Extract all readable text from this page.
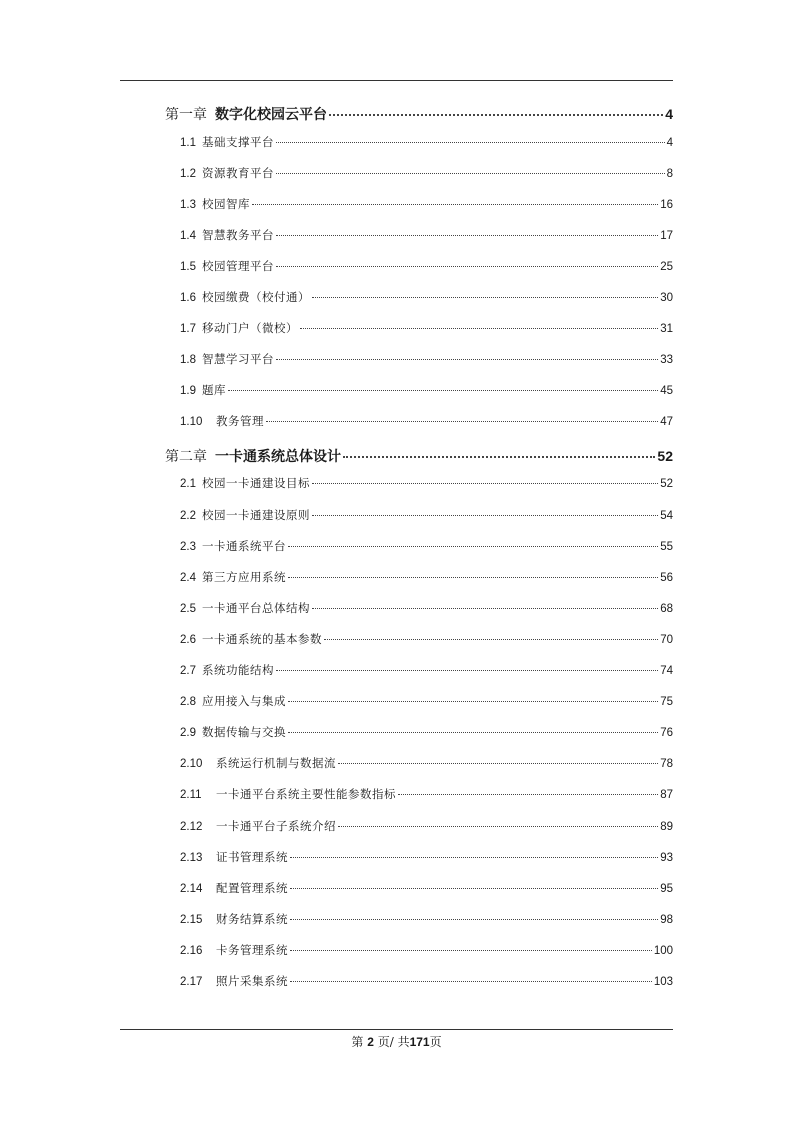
第一章 数字化校园云平台	4
1.1 基础支撑平台	4
1.2 资源教育平台	8
1.3 校园智库	16
1.4 智慧教务平台	17
1.5 校园管理平台	25
1.6 校园缴费（校付通）	30
1.7 移动门户（微校）	31
1.8 智慧学习平台	33
1.9 题库	45
1.10	教务管理	47
第二章 一卡通系统总体设计	52
2.1 校园一卡通建设目标	52
2.2 校园一卡通建设原则	54
2.3 一卡通系统平台	55
2.4 第三方应用系统	56
2.5 一卡通平台总体结构	68
2.6 一卡通系统的基本参数	70
2.7 系统功能结构	74
2.8 应用接入与集成	75
2.9 数据传输与交换	76
2.10	系统运行机制与数据流	78
2.11	一卡通平台系统主要性能参数指标	87
2.12	一卡通平台子系统介绍	89
2.13	证书管理系统	93
2.14	配置管理系统	95
2.15	财务结算系统	98
2.16	卡务管理系统	100
2.17	照片采集系统	103
第 2 页/ 共171页
